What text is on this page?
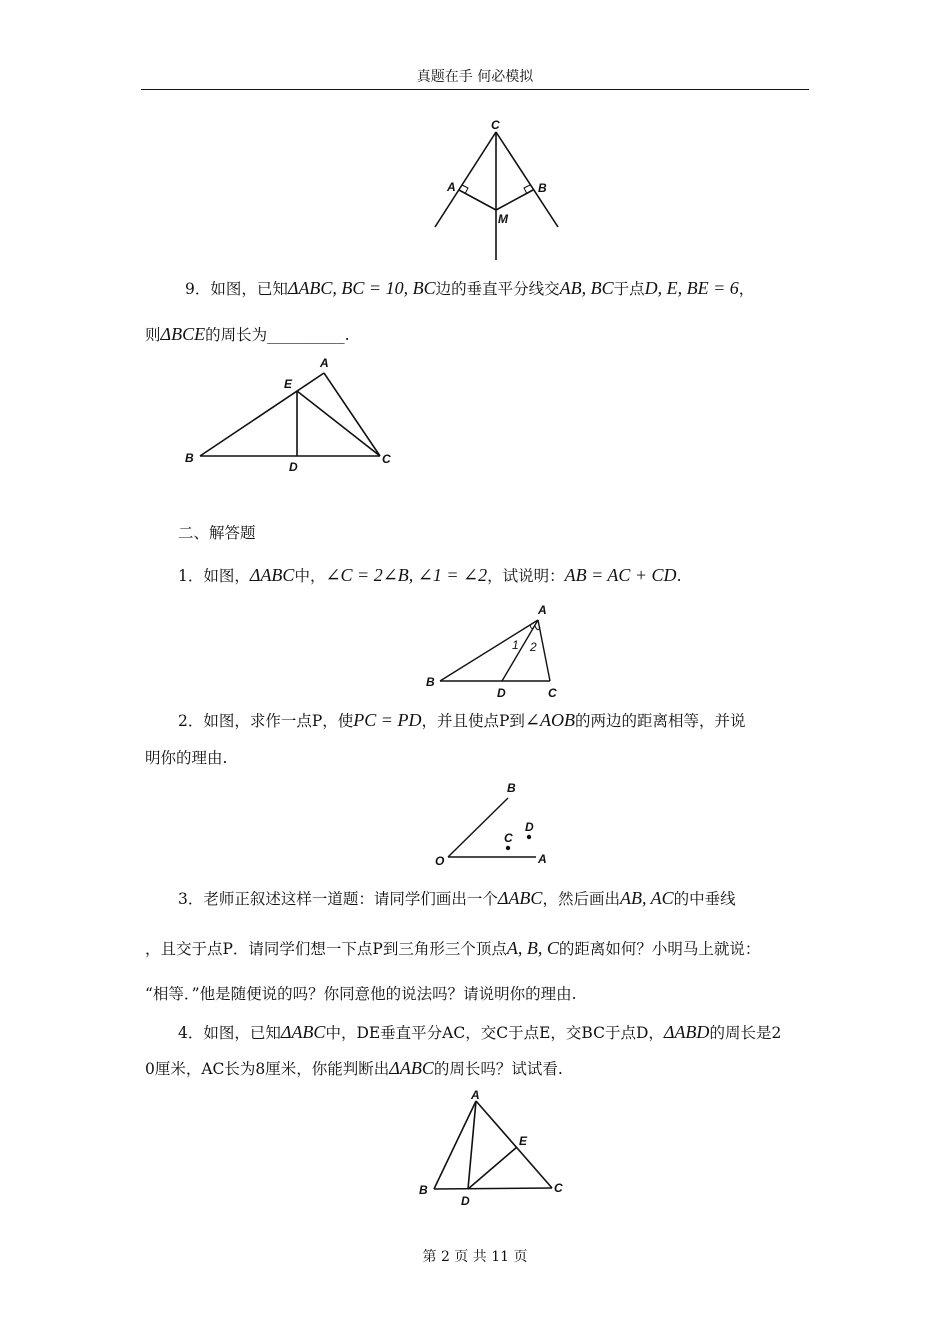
真题在手 何必模拟
C
A	B
M
9．如图，已知ΔABC, BC = 10, BC边的垂直平分线交AB, BC于点D, E, BE = 6，
则ΔBCE的周长为__________.
A
E
B
D
C
二、解答题
1．如图，ΔABC中，∠C = 2∠B, ∠1 = ∠2，试说明：AB = AC + CD.
A
B
D	C
1 2
2．如图，求作一点P，使PC = PD，并且使点P到∠AOB的两边的距离相等，并说
明你的理由.
B
C
D
O	A
3．老师正叙述这样一道题：请同学们画出一个ΔABC，然后画出AB, AC的中垂线
，且交于点P．请同学们想一下点P到三角形三个顶点A, B, C的距离如何？小明马上就说：
“相等．”他是随便说的吗？你同意他的说法吗？请说明你的理由.
4．如图，已知ΔABC中，DE垂直平分AC，交C于点E，交BC于点D，ΔABD的周长是2
0厘米，AC长为8厘米，你能判断出ΔABC的周长吗？试试看.
A
E
B
D
C
第 2 页 共 11 页
